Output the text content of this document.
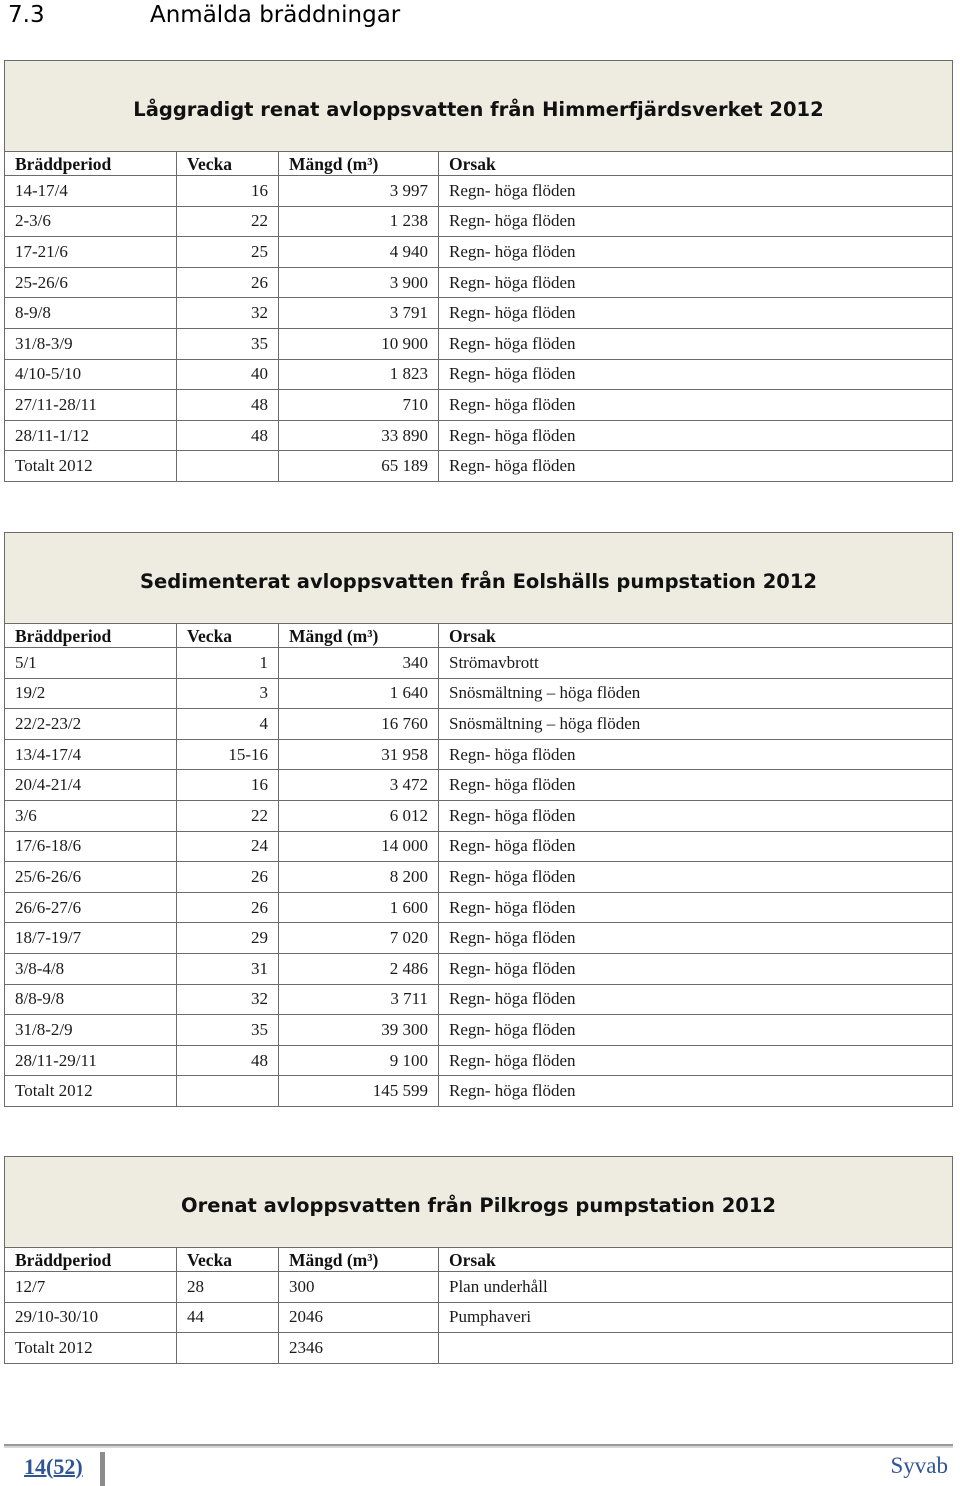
7.3	Anmälda bräddningar
Låggradigt renat avloppsvatten från Himmerfjärdsverket 2012			
Bräddperiod	Vecka	Mängd (m³)	Orsak
14-17/4	16	3 997	Regn- höga flöden
2-3/6	22	1 238	Regn- höga flöden
17-21/6	25	4 940	Regn- höga flöden
25-26/6	26	3 900	Regn- höga flöden
8-9/8	32	3 791	Regn- höga flöden
31/8-3/9	35	10 900	Regn- höga flöden
4/10-5/10	40	1 823	Regn- höga flöden
27/11-28/11	48	710	Regn- höga flöden
28/11-1/12	48	33 890	Regn- höga flöden
Totalt 2012		65 189	Regn- höga flöden
Sedimenterat avloppsvatten från Eolshälls pumpstation 2012			
Bräddperiod	Vecka	Mängd (m³)	Orsak
5/1	1	340	Strömavbrott
19/2	3	1 640	Snösmältning – höga flöden
22/2-23/2	4	16 760	Snösmältning – höga flöden
13/4-17/4	15-16	31 958	Regn- höga flöden
20/4-21/4	16	3 472	Regn- höga flöden
3/6	22	6 012	Regn- höga flöden
17/6-18/6	24	14 000	Regn- höga flöden
25/6-26/6	26	8 200	Regn- höga flöden
26/6-27/6	26	1 600	Regn- höga flöden
18/7-19/7	29	7 020	Regn- höga flöden
3/8-4/8	31	2 486	Regn- höga flöden
8/8-9/8	32	3 711	Regn- höga flöden
31/8-2/9	35	39 300	Regn- höga flöden
28/11-29/11	48	9 100	Regn- höga flöden
Totalt 2012		145 599	Regn- höga flöden
Orenat avloppsvatten från Pilkrogs pumpstation 2012			
Bräddperiod	Vecka	Mängd (m³)	Orsak
12/7	28	300	Plan underhåll
29/10-30/10	44	2046	Pumphaveri
Totalt 2012		2346	
14(52)	Syvab
